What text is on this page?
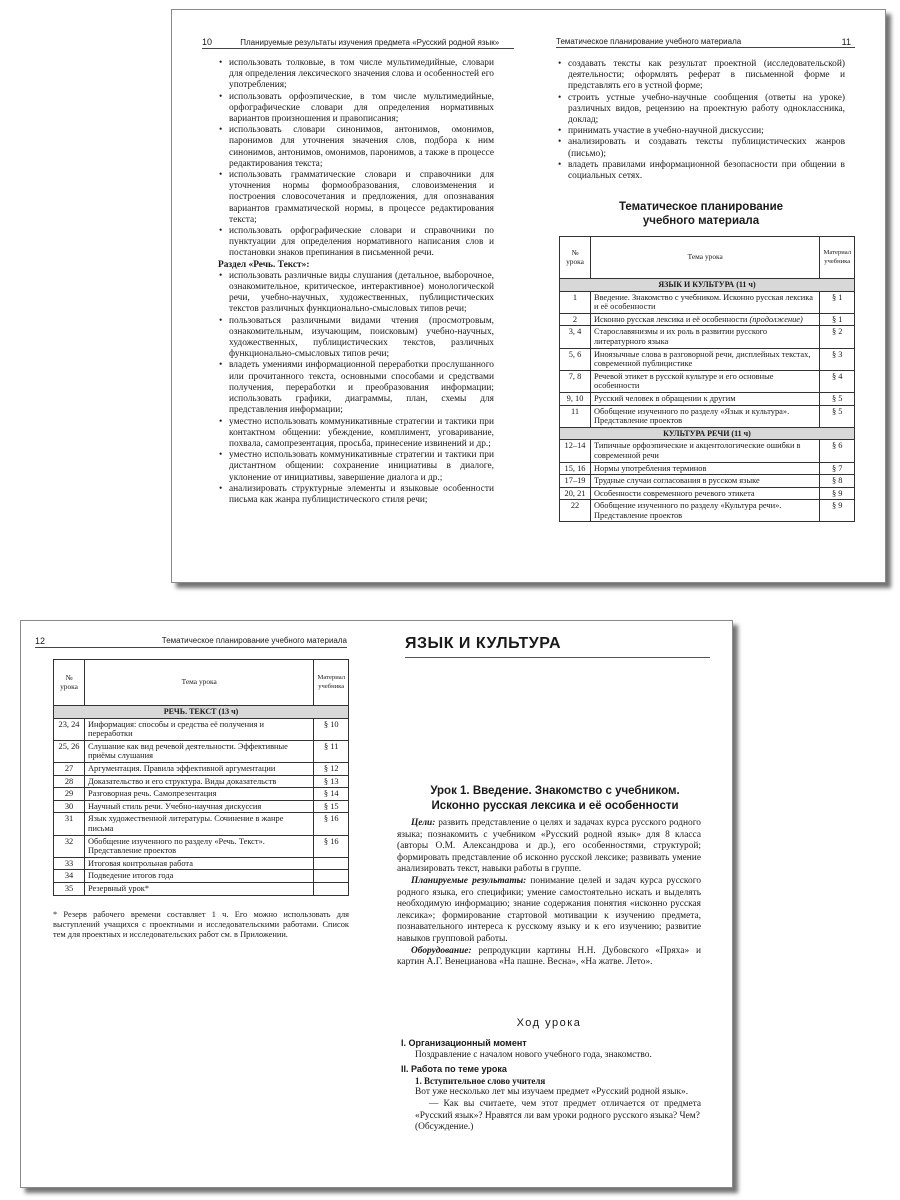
10	Планируемые результаты изучения предмета «Русский родной язык»
• использовать толковые, в том числе мультимедийные, словари для определения лексического значения слова и особенностей его употребления;
• использовать орфоэпические, в том числе мультимедийные, орфографические словари для определения нормативных вариантов произношения и правописания;
• использовать словари синонимов, антонимов, омонимов, паронимов для уточнения значения слов, подбора к ним синонимов, антонимов, омонимов, паронимов, а также в процессе редактирования текста;
• использовать грамматические словари и справочники для уточнения нормы формообразования, словоизменения и построения словосочетания и предложения, для опознавания вариантов грамматической нормы, в процессе редактирования текста;
• использовать орфографические словари и справочники по пунктуации для определения нормативного написания слов и постановки знаков препинания в письменной речи.
Раздел «Речь. Текст»:
• использовать различные виды слушания (детальное, выборочное, ознакомительное, критическое, интерактивное) монологической речи, учебно-научных, художественных, публицистических текстов различных функционально-смысловых типов речи;
• пользоваться различными видами чтения (просмотровым, ознакомительным, изучающим, поисковым) учебно-научных, художественных, публицистических текстов, различных функционально-смысловых типов речи;
• владеть умениями информационной переработки прослушанного или прочитанного текста, основными способами и средствами получения, переработки и преобразования информации; использовать графики, диаграммы, план, схемы для представления информации;
• уместно использовать коммуникативные стратегии и тактики при контактном общении: убеждение, комплимент, уговаривание, похвала, самопрезентация, просьба, принесение извинений и др.;
• уместно использовать коммуникативные стратегии и тактики при дистантном общении: сохранение инициативы в диалоге, уклонение от инициативы, завершение диалога и др.;
• анализировать структурные элементы и языковые особенности письма как жанра публицистического стиля речи;
Тематическое планирование учебного материала	11
• создавать тексты как результат проектной (исследовательской) деятельности; оформлять реферат в письменной форме и представлять его в устной форме;
• строить устные учебно-научные сообщения (ответы на уроке) различных видов, рецензию на проектную работу одноклассника, доклад;
• принимать участие в учебно-научной дискуссии;
• анализировать и создавать тексты публицистических жанров (письмо);
• владеть правилами информационной безопасности при общении в социальных сетях.
Тематическое планирование
учебного материала
№ урока	Тема урока	Материал учебника
ЯЗЫК И КУЛЬТУРА (11 ч)		
1	Введение. Знакомство с учебником. Исконно русская лексика и её особенности	§ 1
2	Исконно русская лексика и её особенности (продолжение)	§ 1
3, 4	Старославянизмы и их роль в развитии русского литературного языка	§ 2
5, 6	Иноязычные слова в разговорной речи, дисплейных текстах, современной публицистике	§ 3
7, 8	Речевой этикет в русской культуре и его основные особенности	§ 4
9, 10	Русский человек в обращении к другим	§ 5
11	Обобщение изученного по разделу «Язык и культура». Представление проектов	§ 5
КУЛЬТУРА РЕЧИ (11 ч)		
12–14	Типичные орфоэпические и акцентологические ошибки в современной речи	§ 6
15, 16	Нормы употребления терминов	§ 7
17–19	Трудные случаи согласования в русском языке	§ 8
20, 21	Особенности современного речевого этикета	§ 9
22	Обобщение изученного по разделу «Культура речи». Представление проектов	§ 9
12	Тематическое планирование учебного материала
№ урока	Тема урока	Материал учебника
РЕЧЬ. ТЕКСТ (13 ч)		
23, 24	Информация: способы и средства её получения и переработки	§ 10
25, 26	Слушание как вид речевой деятельности. Эффективные приёмы слушания	§ 11
27	Аргументация. Правила эффективной аргументации	§ 12
28	Доказательство и его структура. Виды доказательств	§ 13
29	Разговорная речь. Самопрезентация	§ 14
30	Научный стиль речи. Учебно-научная дискуссия	§ 15
31	Язык художественной литературы. Сочинение в жанре письма	§ 16
32	Обобщение изученного по разделу «Речь. Текст». Представление проектов	§ 16
33	Итоговая контрольная работа	
34	Подведение итогов года	
35	Резервный урок*	
* Резерв рабочего времени составляет 1 ч. Его можно использовать для выступлений учащихся с проектными и исследовательскими работами. Список тем для проектных и исследовательских работ см. в Приложении.
ЯЗЫК И КУЛЬТУРА
Урок 1. Введение. Знакомство с учебником.
Исконно русская лексика и её особенности

Цели: развить представление о целях и задачах курса русского родного языка; познакомить с учебником «Русский родной язык» для 8 класса (авторы О.М. Александрова и др.), его особенностями, структурой; формировать представление об исконно русской лексике; развивать умение анализировать текст, навыки работы в группе.

Планируемые результаты: понимание целей и задач курса русского родного языка, его специфики; умение самостоятельно искать и выделять необходимую информацию; знание содержания понятия «исконно русская лексика»; формирование стартовой мотивации к изучению предмета, познавательного интереса к русскому языку и к его изучению; развитие навыков групповой работы.

Оборудование: репродукции картины Н.Н. Дубовского «Пряха» и картин А.Г. Венецианова «На пашне. Весна», «На жатве. Лето».

Ход урока
I. Организационный момент

Поздравление с началом нового учебного года, знакомство.

II. Работа по теме урока
1. Вступительное слово учителя

Вот уже несколько лет мы изучаем предмет «Русский родной язык».

— Как вы считаете, чем этот предмет отличается от предмета «Русский язык»? Нравятся ли вам уроки родного русского языка? Чем?

(Обсуждение.)
